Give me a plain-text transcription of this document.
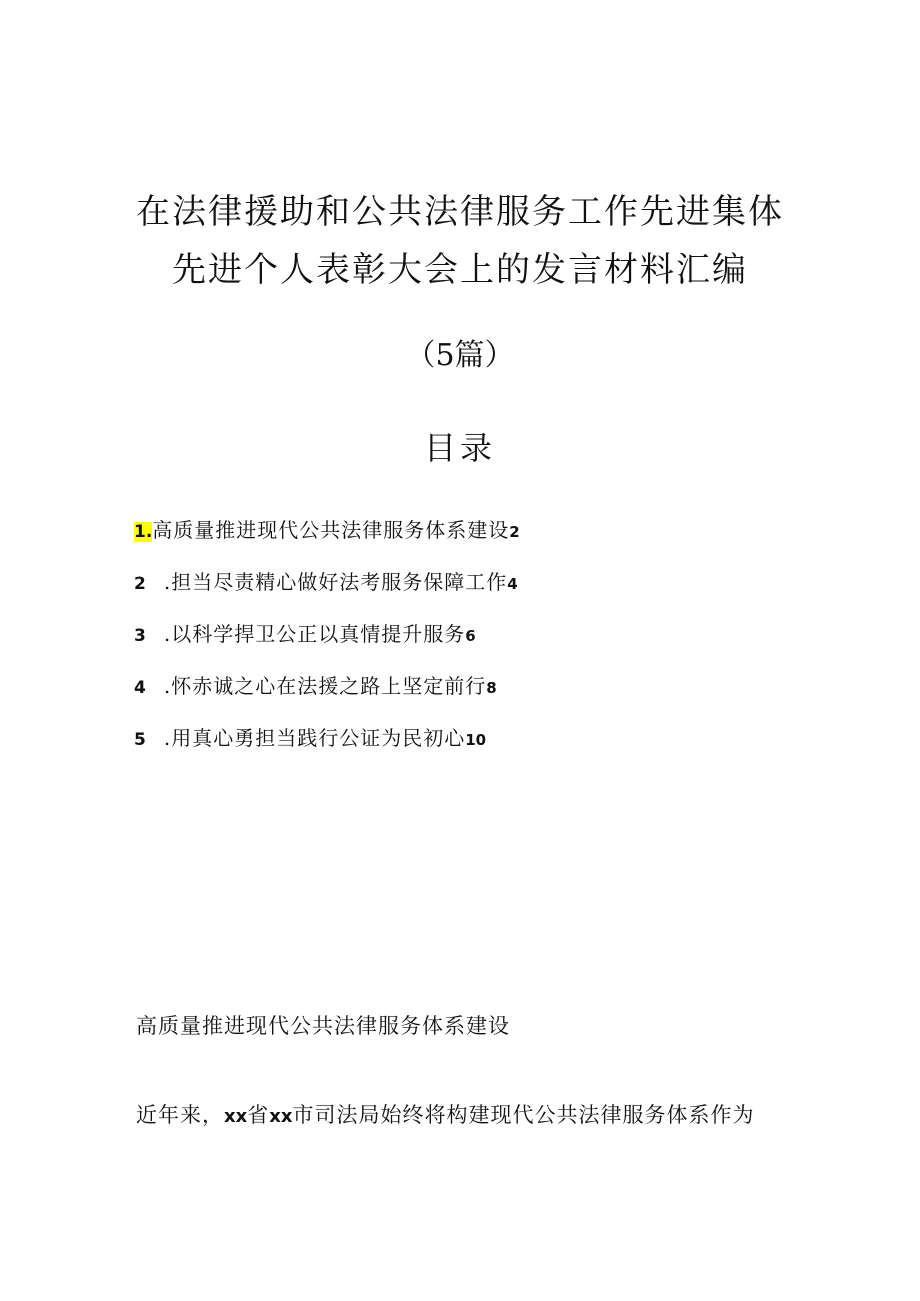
在法律援助和公共法律服务工作先进集体
先进个人表彰大会上的发言材料汇编
（5篇）
目录
1.高质量推进现代公共法律服务体系建设2
2 .担当尽责精心做好法考服务保障工作4
3 .以科学捍卫公正以真情提升服务6
4 .怀赤诚之心在法援之路上坚定前行8
5 .用真心勇担当践行公证为民初心10
高质量推进现代公共法律服务体系建设
近年来，xx省xx市司法局始终将构建现代公共法律服务体系作为
